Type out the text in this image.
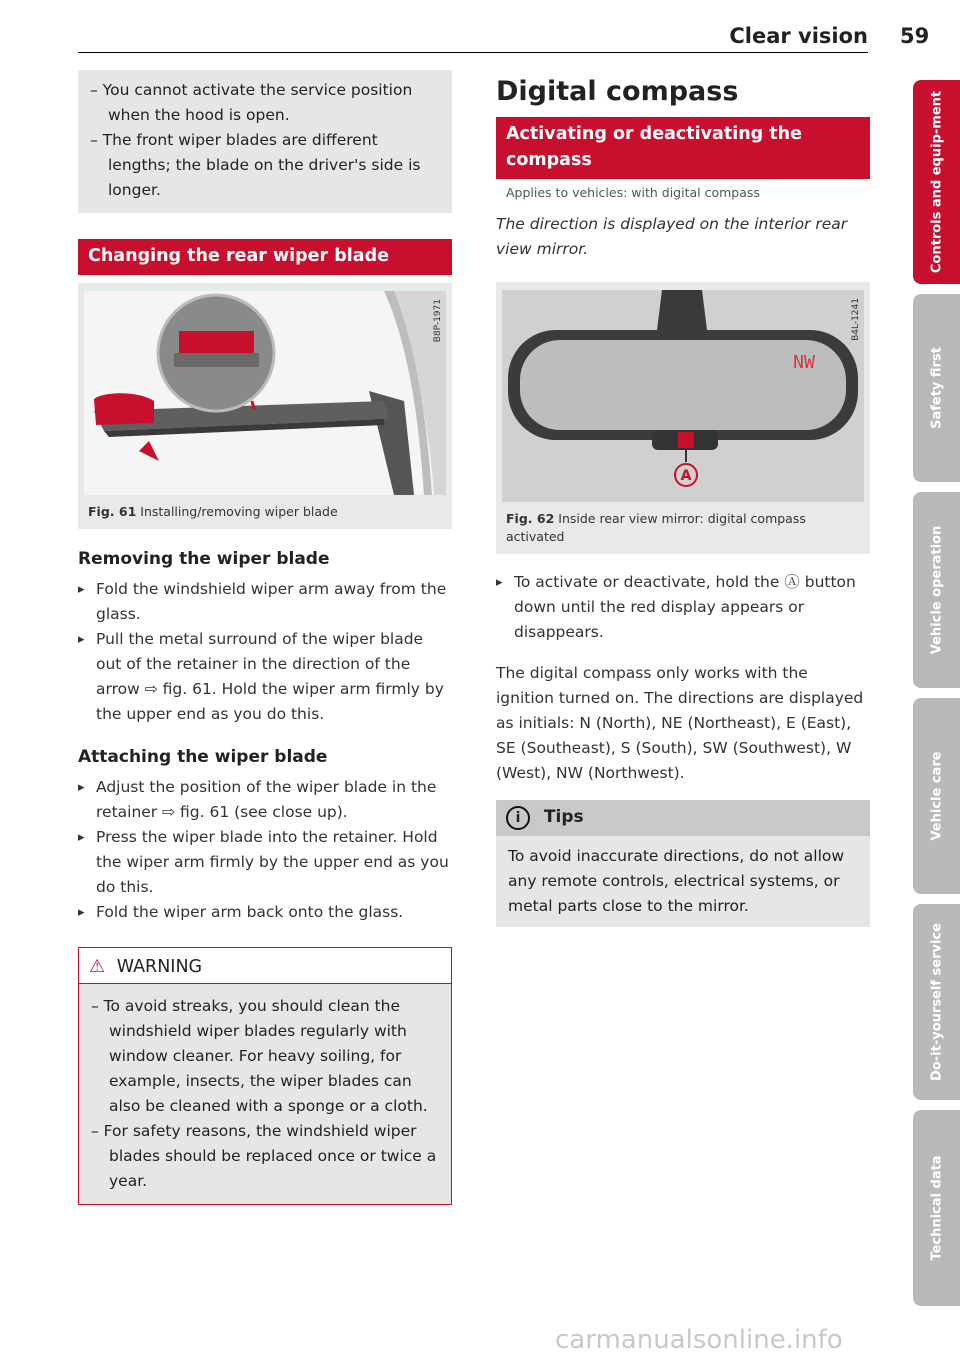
Clear vision 59

– You cannot activate the service position when the hood is open.

– The front wiper blades are different lengths; the blade on the driver's side is longer.

Changing the rear wiper blade
B8P-1971
Fig. 61 Installing/removing wiper blade
Removing the wiper blade

▸ Fold the windshield wiper arm away from the glass.

▸ Pull the metal surround of the wiper blade out of the retainer in the direction of the arrow ⇨ fig. 61. Hold the wiper arm firmly by the upper end as you do this.

Attaching the wiper blade

▸ Adjust the position of the wiper blade in the retainer ⇨ fig. 61 (see close up).

▸ Press the wiper blade into the retainer. Hold the wiper arm firmly by the upper end as you do this.

▸ Fold the wiper arm back onto the glass.

⚠ WARNING

– To avoid streaks, you should clean the windshield wiper blades regularly with window cleaner. For heavy soiling, for example, insects, the wiper blades can also be cleaned with a sponge or a cloth.

– For safety reasons, the windshield wiper blades should be replaced once or twice a year.

Digital compass
Activating or deactivating the compass
Applies to vehicles: with digital compass
The direction is displayed on the interior rear view mirror.
A
NW
B4L-1241
Fig. 62 Inside rear view mirror: digital compass activated

▸ To activate or deactivate, hold the Ⓐ button down until the red display appears or disappears.

The digital compass only works with the ignition turned on. The directions are displayed as initials: N (North), NE (Northeast), E (East), SE (Southeast), S (South), SW (Southwest), W (West), NW (Northwest).
i Tips
To avoid inaccurate directions, do not allow any remote controls, electrical systems, or metal parts close to the mirror.
Controls and equip-ment
Safety first
Vehicle operation
Vehicle care
Do-it-yourself service
Technical data
carmanualsonline.info
